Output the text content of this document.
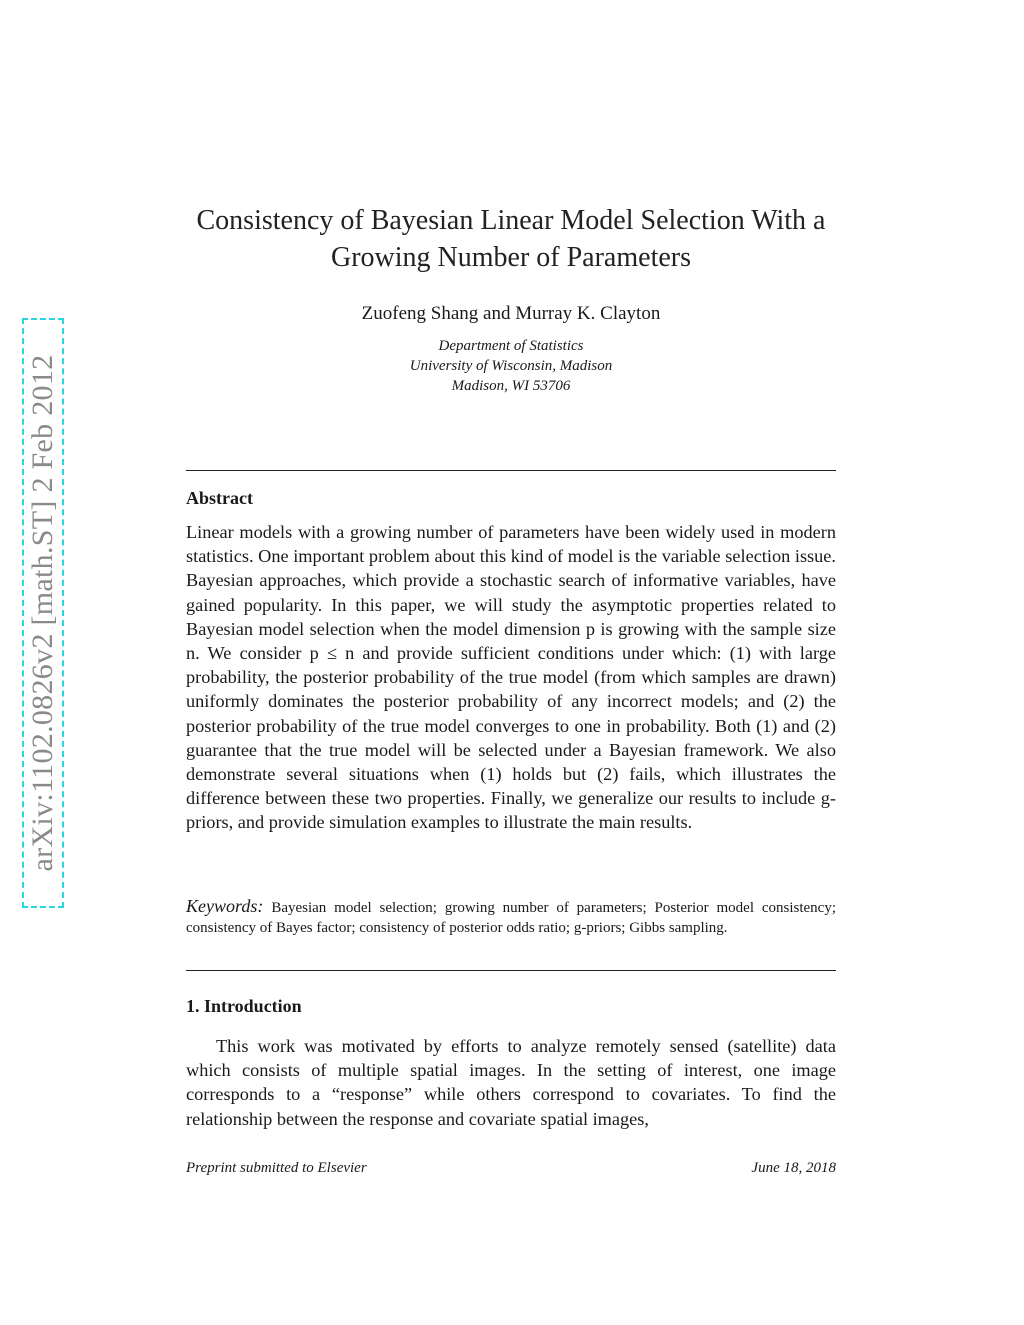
arXiv:1102.0826v2 [math.ST] 2 Feb 2012
Consistency of Bayesian Linear Model Selection With a Growing Number of Parameters
Zuofeng Shang and Murray K. Clayton
Department of Statistics
University of Wisconsin, Madison
Madison, WI 53706
Abstract
Linear models with a growing number of parameters have been widely used in modern statistics. One important problem about this kind of model is the variable selection issue. Bayesian approaches, which provide a stochastic search of informative variables, have gained popularity. In this paper, we will study the asymptotic properties related to Bayesian model selection when the model dimension p is growing with the sample size n. We consider p ≤ n and provide sufficient conditions under which: (1) with large probability, the posterior probability of the true model (from which samples are drawn) uniformly dominates the posterior probability of any incorrect models; and (2) the posterior probability of the true model converges to one in probability. Both (1) and (2) guarantee that the true model will be selected under a Bayesian framework. We also demonstrate several situations when (1) holds but (2) fails, which illustrates the difference between these two properties. Finally, we generalize our results to include g-priors, and provide simulation examples to illustrate the main results.
Keywords: Bayesian model selection; growing number of parameters; Posterior model consistency; consistency of Bayes factor; consistency of posterior odds ratio; g-priors; Gibbs sampling.
1. Introduction
This work was motivated by efforts to analyze remotely sensed (satellite) data which consists of multiple spatial images. In the setting of interest, one image corresponds to a “response” while others correspond to covariates. To find the relationship between the response and covariate spatial images,
Preprint submitted to Elsevier	June 18, 2018
